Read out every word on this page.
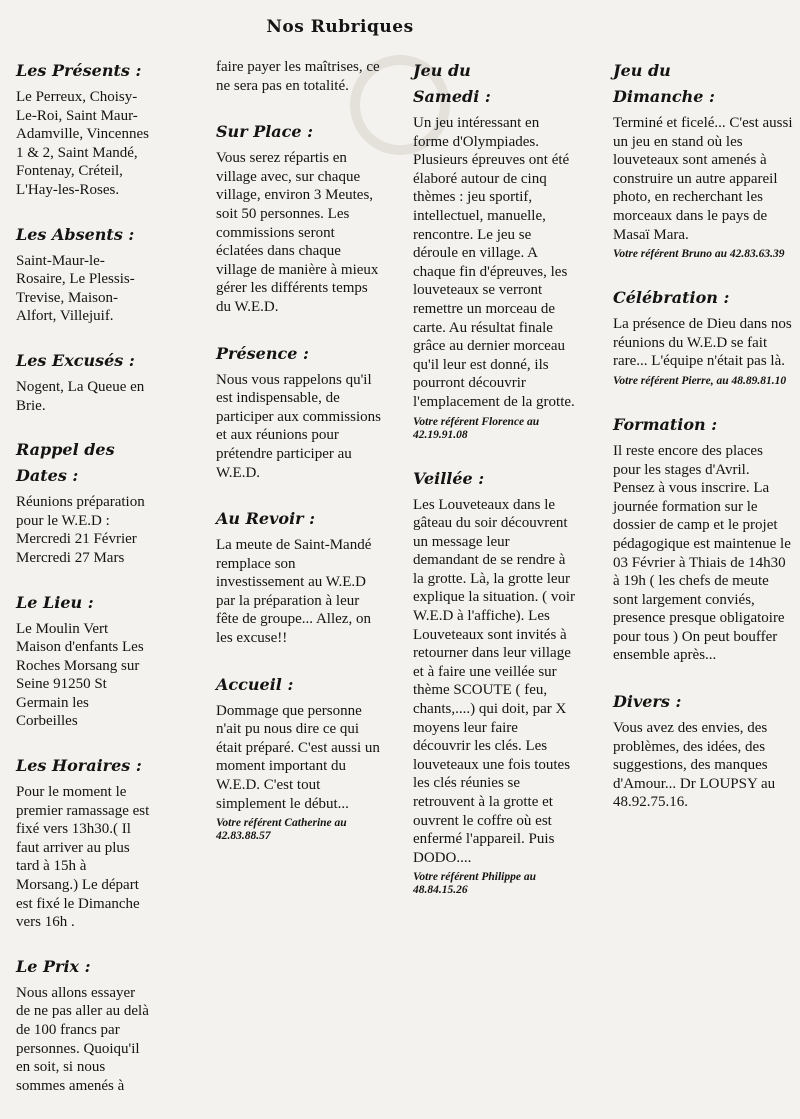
Nos Rubriques
Les Présents :
Le Perreux, Choisy-Le-Roi, Saint Maur-Adamville, Vincennes 1 & 2, Saint Mandé, Fontenay, Créteil, L'Hay-les-Roses.
Les Absents :
Saint-Maur-le-Rosaire, Le Plessis-Trevise, Maison-Alfort, Villejuif.
Les Excusés :
Nogent, La Queue en Brie.
Rappel des Dates :
Réunions préparation pour le W.E.D : Mercredi 21 Février Mercredi 27 Mars
Le Lieu :
Le Moulin Vert Maison d'enfants Les Roches Morsang sur Seine 91250 St Germain les Corbeilles
Les Horaires :
Pour le moment le premier ramassage est fixé vers 13h30.( Il faut arriver au plus tard à 15h à Morsang.) Le départ est fixé le Dimanche vers 16h .
Le Prix :
Nous allons essayer de ne pas aller au delà de 100 francs par personnes. Quoiqu'il en soit, si nous sommes amenés à
faire payer les maîtrises, ce ne sera pas en totalité.
Sur Place :
Vous serez répartis en village avec, sur chaque village, environ 3 Meutes, soit 50 personnes. Les commissions seront éclatées dans chaque village de manière à mieux gérer les différents temps du W.E.D.
Présence :
Nous vous rappelons qu'il est indispensable, de participer aux commissions et aux réunions pour prétendre participer au W.E.D.
Au Revoir :
La meute de Saint-Mandé remplace son investissement au W.E.D par la préparation à leur fête de groupe... Allez, on les excuse!!
Accueil :
Dommage que personne n'ait pu nous dire ce qui était préparé. C'est aussi un moment important du W.E.D. C'est tout simplement le début...
Votre référent Catherine au 42.83.88.57
Jeu du Samedi :
Un jeu intéressant en forme d'Olympiades. Plusieurs épreuves ont été élaboré autour de cinq thèmes : jeu sportif, intellectuel, manuelle, rencontre. Le jeu se déroule en village. A chaque fin d'épreuves, les louveteaux se verront remettre un morceau de carte. Au résultat finale grâce au dernier morceau qu'il leur est donné, ils pourront découvrir l'emplacement de la grotte.
Votre référent Florence au 42.19.91.08
Veillée :
Les Louveteaux dans le gâteau du soir découvrent un message leur demandant de se rendre à la grotte. Là, la grotte leur explique la situation. ( voir W.E.D à l'affiche). Les Louveteaux sont invités à retourner dans leur village et à faire une veillée sur thème SCOUTE ( feu, chants,....) qui doit, par X moyens leur faire découvrir les clés. Les louveteaux une fois toutes les clés réunies se retrouvent à la grotte et ouvrent le coffre où est enfermé l'appareil. Puis DODO....
Votre référent Philippe au 48.84.15.26
Jeu du Dimanche :
Terminé et ficelé... C'est aussi un jeu en stand où les louveteaux sont amenés à construire un autre appareil photo, en recherchant les morceaux dans le pays de Masaï Mara.
Votre référent Bruno au 42.83.63.39
Célébration :
La présence de Dieu dans nos réunions du W.E.D se fait rare... L'équipe n'était pas là.
Votre référent Pierre, au 48.89.81.10
Formation :
Il reste encore des places pour les stages d'Avril. Pensez à vous inscrire. La journée formation sur le dossier de camp et le projet pédagogique est maintenue le 03 Février à Thiais de 14h30 à 19h ( les chefs de meute sont largement conviés, presence presque obligatoire pour tous ) On peut bouffer ensemble après...
Divers :
Vous avez des envies, des problèmes, des idées, des suggestions, des manques d'Amour... Dr LOUPSY au 48.92.75.16.
